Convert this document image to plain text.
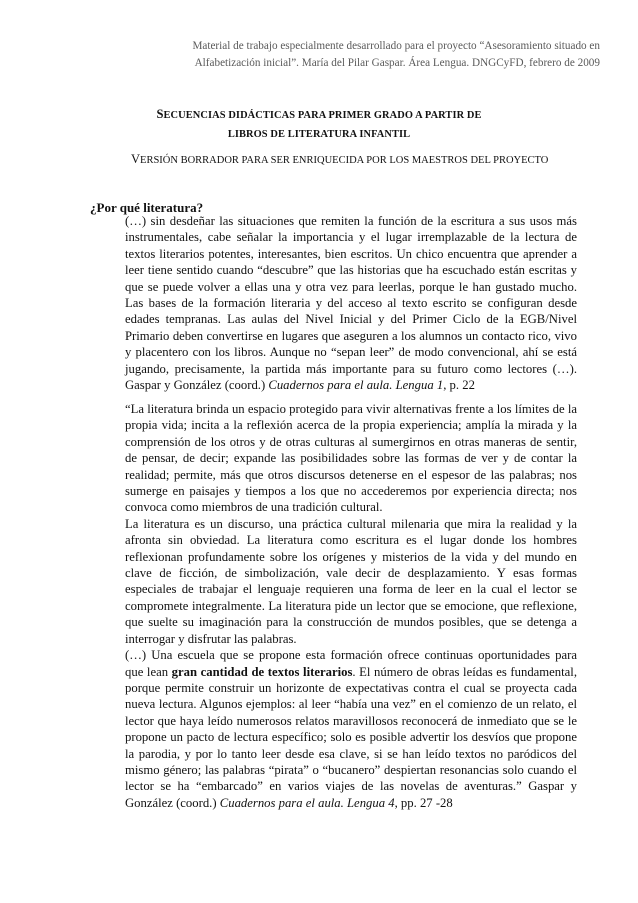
Material de trabajo especialmente desarrollado para el proyecto “Asesoramiento situado en
Alfabetización inicial”. María del Pilar Gaspar. Área Lengua. DNGCyFD, febrero de 2009
SECUENCIAS DIDÁCTICAS PARA PRIMER GRADO A PARTIR DE
LIBROS DE LITERATURA INFANTIL
VERSIÓN BORRADOR PARA SER ENRIQUECIDA POR LOS MAESTROS DEL PROYECTO
¿Por qué literatura?

(…) sin desdeñar las situaciones que remiten la función de la escritura a sus usos más instrumentales, cabe señalar la importancia y el lugar irremplazable de la lectura de textos literarios potentes, interesantes, bien escritos. Un chico encuentra que aprender a leer tiene sentido cuando “descubre” que las historias que ha escuchado están escritas y que se puede volver a ellas una y otra vez para leerlas, porque le han gustado mucho. Las bases de la formación literaria y del acceso al texto escrito se configuran desde edades tempranas. Las aulas del Nivel Inicial y del Primer Ciclo de la EGB/Nivel Primario deben convertirse en lugares que aseguren a los alumnos un contacto rico, vivo y placentero con los libros. Aunque no “sepan leer” de modo convencional, ahí se está jugando, precisamente, la partida más importante para su futuro como lectores (…). Gaspar y González (coord.) Cuadernos para el aula. Lengua 1, p. 22

“La literatura brinda un espacio protegido para vivir alternativas frente a los límites de la propia vida; incita a la reflexión acerca de la propia experiencia; amplía la mirada y la comprensión de los otros y de otras culturas al sumergirnos en otras maneras de sentir, de pensar, de decir; expande las posibilidades sobre las formas de ver y de contar la realidad; permite, más que otros discursos detenerse en el espesor de las palabras; nos sumerge en paisajes y tiempos a los que no accederemos por experiencia directa; nos convoca como miembros de una tradición cultural.

La literatura es un discurso, una práctica cultural milenaria que mira la realidad y la afronta sin obviedad. La literatura como escritura es el lugar donde los hombres reflexionan profundamente sobre los orígenes y misterios de la vida y del mundo en clave de ficción, de simbolización, vale decir de desplazamiento. Y esas formas especiales de trabajar el lenguaje requieren una forma de leer en la cual el lector se compromete integralmente. La literatura pide un lector que se emocione, que reflexione, que suelte su imaginación para la construcción de mundos posibles, que se detenga a interrogar y disfrutar las palabras.

(…) Una escuela que se propone esta formación ofrece continuas oportunidades para que lean gran cantidad de textos literarios. El número de obras leídas es fundamental, porque permite construir un horizonte de expectativas contra el cual se proyecta cada nueva lectura. Algunos ejemplos: al leer “había una vez” en el comienzo de un relato, el lector que haya leído numerosos relatos maravillosos reconocerá de inmediato que se le propone un pacto de lectura específico; solo es posible advertir los desvíos que propone la parodia, y por lo tanto leer desde esa clave, si se han leído textos no paródicos del mismo género; las palabras “pirata” o “bucanero” despiertan resonancias solo cuando el lector se ha “embarcado” en varios viajes de las novelas de aventuras.” Gaspar y González (coord.) Cuadernos para el aula. Lengua 4, pp. 27 -28
